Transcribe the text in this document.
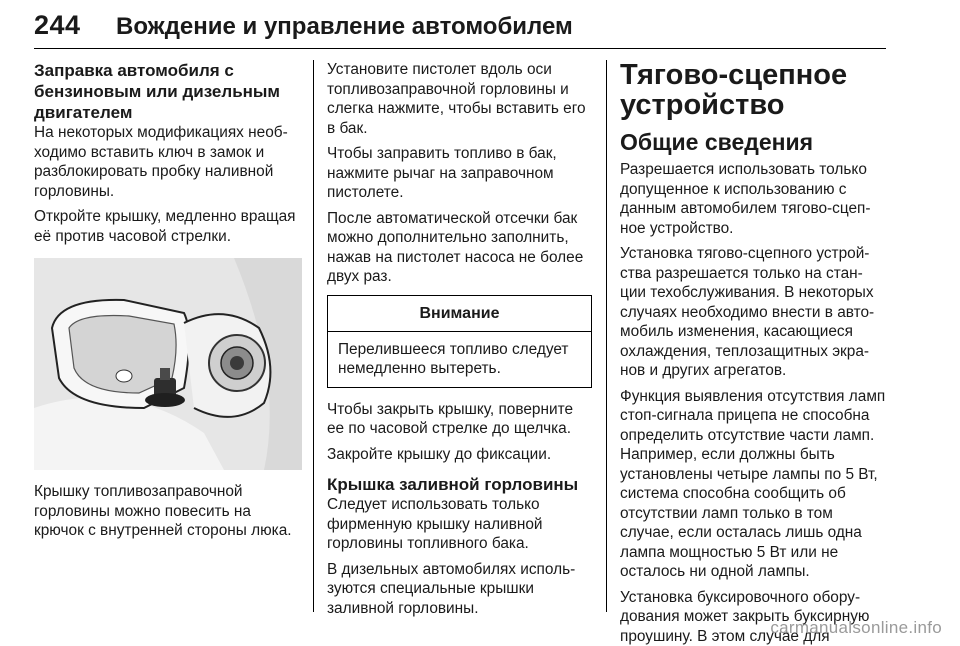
244 Вождение и управление автомобилем
Заправка автомобиля с бензиновым или дизельным двигателем

На некоторых модификациях необ-ходимо вставить ключ в замок и разблокировать пробку наливной горловины.

Откройте крышку, медленно вращая её против часовой стрелки.

Крышку топливозаправочной горловины можно повесить на крючок с внутренней стороны люка.

Установите пистолет вдоль оси топливозаправочной горловины и слегка нажмите, чтобы вставить его в бак.

Чтобы заправить топливо в бак, нажмите рычаг на заправочном пистолете.

После автоматической отсечки бак можно дополнительно заполнить, нажав на пистолет насоса не более двух раз.

Внимание
Перелившееся топливо следует немедленно вытереть.

Чтобы закрыть крышку, поверните ее по часовой стрелке до щелчка.

Закройте крышку до фиксации.

Крышка заливной горловины

Следует использовать только фирменную крышку наливной горловины топливного бака.

В дизельных автомобилях исполь-зуются специальные крышки заливной горловины.

Тягово-сцепное устройство
Общие сведения

Разрешается использовать только допущенное к использованию с данным автомобилем тягово-сцеп-ное устройство.

Установка тягово-сцепного устрой-ства разрешается только на стан-ции техобслуживания. В некоторых случаях необходимо внести в авто-мобиль изменения, касающиеся охлаждения, теплозащитных экра-нов и других агрегатов.

Функция выявления отсутствия ламп стоп-сигнала прицепа не способна определить отсутствие части ламп. Например, если должны быть установлены четыре лампы по 5 Вт, система способна сообщить об отсутствии ламп только в том случае, если осталась лишь одна лампа мощностью 5 Вт или не осталось ни одной лампы.

Установка буксировочного обору-дования может закрыть буксирную проушину. В этом случае для

carmanualsonline.info
